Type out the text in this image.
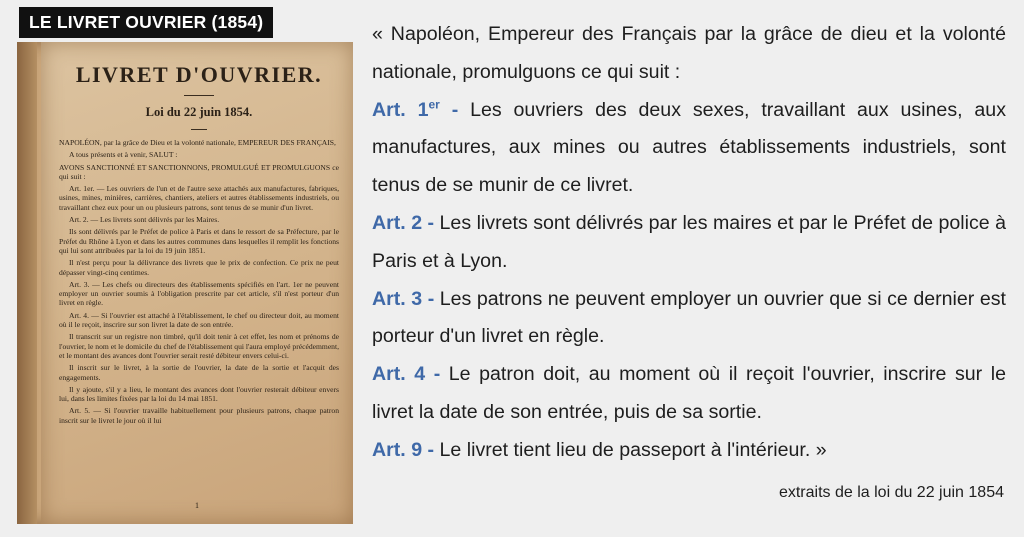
LE LIVRET OUVRIER (1854)
LIVRET D'OUVRIER.
Loi du 22 juin 1854.

NAPOLÉON, par la grâce de Dieu et la volonté nationale, EMPEREUR DES FRANÇAIS,

A tous présents et à venir, SALUT :

AVONS SANCTIONNÉ ET SANCTIONNONS, PROMULGUÉ ET PROMULGUONS ce qui suit :

Art. 1er. — Les ouvriers de l'un et de l'autre sexe attachés aux manufactures, fabriques, usines, mines, minières, carrières, chantiers, ateliers et autres établissements industriels, ou travaillant chez eux pour un ou plusieurs patrons, sont tenus de se munir d'un livret.

Art. 2. — Les livrets sont délivrés par les Maires.

Ils sont délivrés par le Préfet de police à Paris et dans le ressort de sa Préfecture, par le Préfet du Rhône à Lyon et dans les autres communes dans lesquelles il remplit les fonctions qui lui sont attribuées par la loi du 19 juin 1851.

Il n'est perçu pour la délivrance des livrets que le prix de confection. Ce prix ne peut dépasser vingt-cinq centimes.

Art. 3. — Les chefs ou directeurs des établissements spécifiés en l'art. 1er ne peuvent employer un ouvrier soumis à l'obligation prescrite par cet article, s'il n'est porteur d'un livret en règle.

Art. 4. — Si l'ouvrier est attaché à l'établissement, le chef ou directeur doit, au moment où il le reçoit, inscrire sur son livret la date de son entrée.

Il transcrit sur un registre non timbré, qu'il doit tenir à cet effet, les nom et prénoms de l'ouvrier, le nom et le domicile du chef de l'établissement qui l'aura employé précédemment, et le montant des avances dont l'ouvrier serait resté débiteur envers celui-ci.

Il inscrit sur le livret, à la sortie de l'ouvrier, la date de la sortie et l'acquit des engagements.

Il y ajoute, s'il y a lieu, le montant des avances dont l'ouvrier resterait débiteur envers lui, dans les limites fixées par la loi du 14 mai 1851.

Art. 5. — Si l'ouvrier travaille habituellement pour plusieurs patrons, chaque patron inscrit sur le livret le jour où il lui

1

« Napoléon, Empereur des Français par la grâce de dieu et la volonté nationale, promulguons ce qui suit :

Art. 1er - Les ouvriers des deux sexes, travaillant aux usines, aux manufactures, aux mines ou autres établissements industriels, sont tenus de se munir de ce livret.

Art. 2 - Les livrets sont délivrés par les maires et par le Préfet de police à Paris et à Lyon.

Art. 3 - Les patrons ne peuvent employer un ouvrier que si ce dernier est porteur d'un livret en règle.

Art. 4 - Le patron doit, au moment où il reçoit l'ouvrier, inscrire sur le livret la date de son entrée, puis de sa sortie.

Art. 9 - Le livret tient lieu de passeport à l'intérieur. »

extraits de la loi du 22 juin 1854
